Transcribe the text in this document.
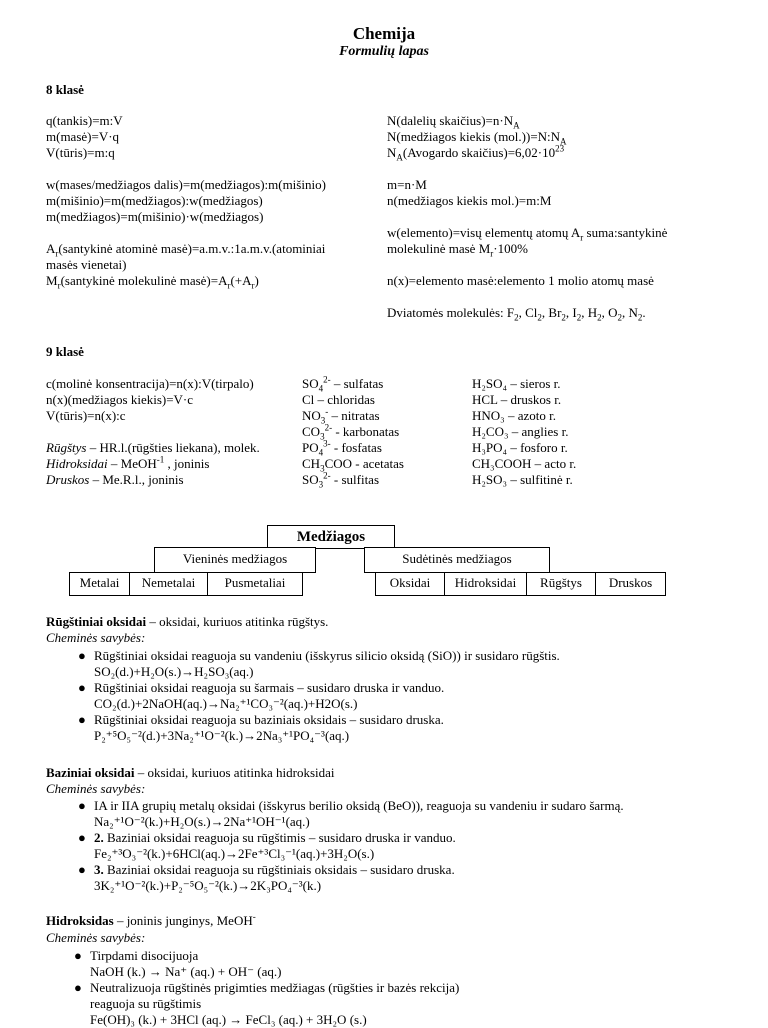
Chemija
Formulių lapas
8 klasė
q(tankis)=m:V
m(masė)=V·q
V(tūris)=m:q
w(mases/medžiagos dalis)=m(medžiagos):m(mišinio)
m(mišinio)=m(medžiagos):w(medžiagos)
m(medžiagos)=m(mišinio)·w(medžiagos)
$A_r(santykinė$ atominė masė)=a.m.v.:1a.m.v.(atominiai
masės vienetai)
$M_r(santykinė$ molekulinė $masė)=A_r(+A_r)$
N(dalelių $skaičius)=n\cdot N_A$
N(medžiagos kiekis $(mol.))=N:N_A$
$N_A(Avogardo$ $skaičius)=6,02\cdot 10^{23}$
m=n·M
n(medžiagos kiekis mol.)=m:M
w(elemento)=visų elementų atomų $A_r$ suma:santykinė
molekulinė masė $M_r\cdot 100\%$
n(x)=elemento masė:elemento 1 molio atomų masė
Dviatomės molekulės: $F_2$, $Cl_2$, $Br_2$, $I_2$, $H_2$, $O_2$, $N_2$.
9 klasė
c(molinė konsentracija)=n(x):V(tirpalo)
n(x)(medžiagos kiekis)=V·c
V(tūris)=n(x):c
Rūgštys – HR.l.(rūgšties liekana), molek.
Hidroksidai – MeOH$^{-1}$ , joninis
Druskos – Me.R.l., joninis
$SO_4^{2-}$ – sulfatas
Cl – chloridas
$NO_3^-$ – nitratas
$CO_3^{2-}$ - karbonatas
$PO_4^{3-}$ - fosfatas
$CH_3COO$ - acetatas
$SO_3^{2-}$ - sulfitas
H₂SO₄ – sieros r.
HCL – druskos r.
HNO₃ – azoto r.
H₂CO₃ – anglies r.
H₃PO₄ – fosforo r.
CH₃COOH – acto r.
H₂SO₃ – sulfitinė r.
Medžiagos
Vieninės medžiagos	Sudėtinės medžiagos
Metalai	Nemetalai	Pusmetaliai	Oksidai	Hidroksidai	Rūgštys	Druskos
Rūgštiniai oksidai – oksidai, kuriuos atitinka rūgštys.
Cheminės savybės:
● Rūgštiniai oksidai reaguoja su vandeniu (išskyrus silicio oksidą (SiO)) ir susidaro rūgštis.
SO₂(d.)+H₂O(s.)→H₂SO₃(aq.)
● Rūgštiniai oksidai reaguoja su šarmais – susidaro druska ir vanduo.
CO₂(d.)+2NaOH(aq.)→Na₂⁺¹CO₃⁻²(aq.)+H2O(s.)
● Rūgštiniai oksidai reaguoja su baziniais oksidais – susidaro druska.
P₂⁺⁵O₅⁻²(d.)+3Na₂⁺¹O⁻²(k.)→2Na₃⁺¹PO₄⁻³(aq.)
Baziniai oksidai – oksidai, kuriuos atitinka hidroksidai
Cheminės savybės:
● IA ir IIA grupių metalų oksidai (išskyrus berilio oksidą (BeO)), reaguoja su vandeniu ir sudaro šarmą.
Na₂⁺¹O⁻²(k.)+H₂O(s.)→2Na⁺¹OH⁻¹(aq.)
● 2. Baziniai oksidai reaguoja su rūgštimis – susidaro druska ir vanduo.
Fe₂⁺³O₃⁻²(k.)+6HCl(aq.)→2Fe⁺³Cl₃⁻¹(aq.)+3H₂O(s.)
● 3. Baziniai oksidai reaguoja su rūgštiniais oksidais – susidaro druska.
3K₂⁺¹O⁻²(k.)+P₂⁻⁵O₅⁻²(k.)→2K₃PO₄⁻³(k.)
Hidroksidas – joninis junginys, MeOH-
Cheminės savybės:
● Tirpdami disocijuoja
NaOH (k.) → Na⁺ (aq.) + OH⁻ (aq.)
● Neutralizuoja rūgštinės prigimties medžiagas (rūgšties ir bazės rekcija)
reaguoja su rūgštimis
Fe(OH)₃ (k.) + 3HCl (aq.) → FeCl₃ (aq.) + 3H₂O (s.)
